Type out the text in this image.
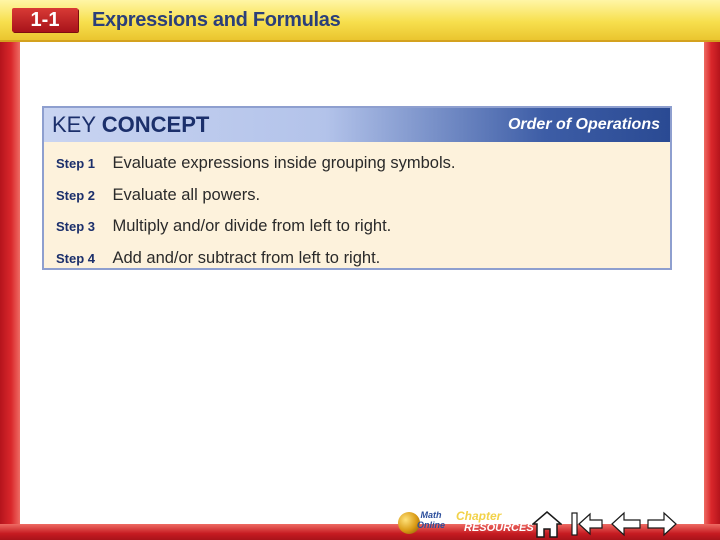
1-1	Expressions and Formulas
KEY CONCEPT	Order of Operations
Step 1 Evaluate expressions inside grouping symbols.
Step 2 Evaluate all powers.
Step 3 Multiply and/or divide from left to right.
Step 4 Add and/or subtract from left to right.
Math
Online
Chapter
RESOURCES
